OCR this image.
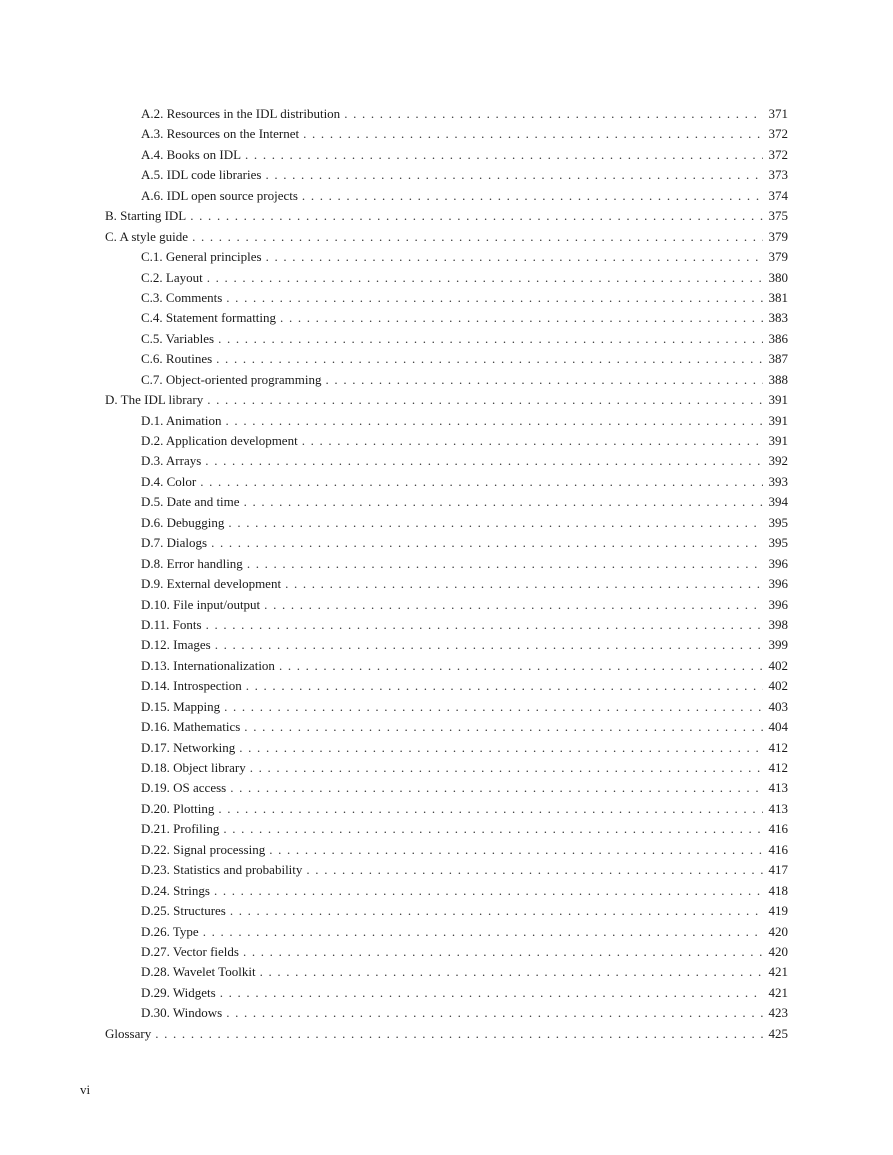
A.2. Resources in the IDL distribution . . .	371
A.3. Resources on the Internet . . .	372
A.4. Books on IDL . . .	372
A.5. IDL code libraries . . .	373
A.6. IDL open source projects . . .	374
B. Starting IDL . . .	375
C. A style guide . . .	379
C.1. General principles . . .	379
C.2. Layout . . .	380
C.3. Comments . . .	381
C.4. Statement formatting . . .	383
C.5. Variables . . .	386
C.6. Routines . . .	387
C.7. Object-oriented programming . . .	388
D. The IDL library . . .	391
D.1. Animation . . .	391
D.2. Application development . . .	391
D.3. Arrays . . .	392
D.4. Color . . .	393
D.5. Date and time . . .	394
D.6. Debugging . . .	395
D.7. Dialogs . . .	395
D.8. Error handling . . .	396
D.9. External development . . .	396
D.10. File input/output . . .	396
D.11. Fonts . . .	398
D.12. Images . . .	399
D.13. Internationalization . . .	402
D.14. Introspection . . .	402
D.15. Mapping . . .	403
D.16. Mathematics . . .	404
D.17. Networking . . .	412
D.18. Object library . . .	412
D.19. OS access . . .	413
D.20. Plotting . . .	413
D.21. Profiling . . .	416
D.22. Signal processing . . .	416
D.23. Statistics and probability . . .	417
D.24. Strings . . .	418
D.25. Structures . . .	419
D.26. Type . . .	420
D.27. Vector fields . . .	420
D.28. Wavelet Toolkit . . .	421
D.29. Widgets . . .	421
D.30. Windows . . .	423
Glossary . . .	425
vi
